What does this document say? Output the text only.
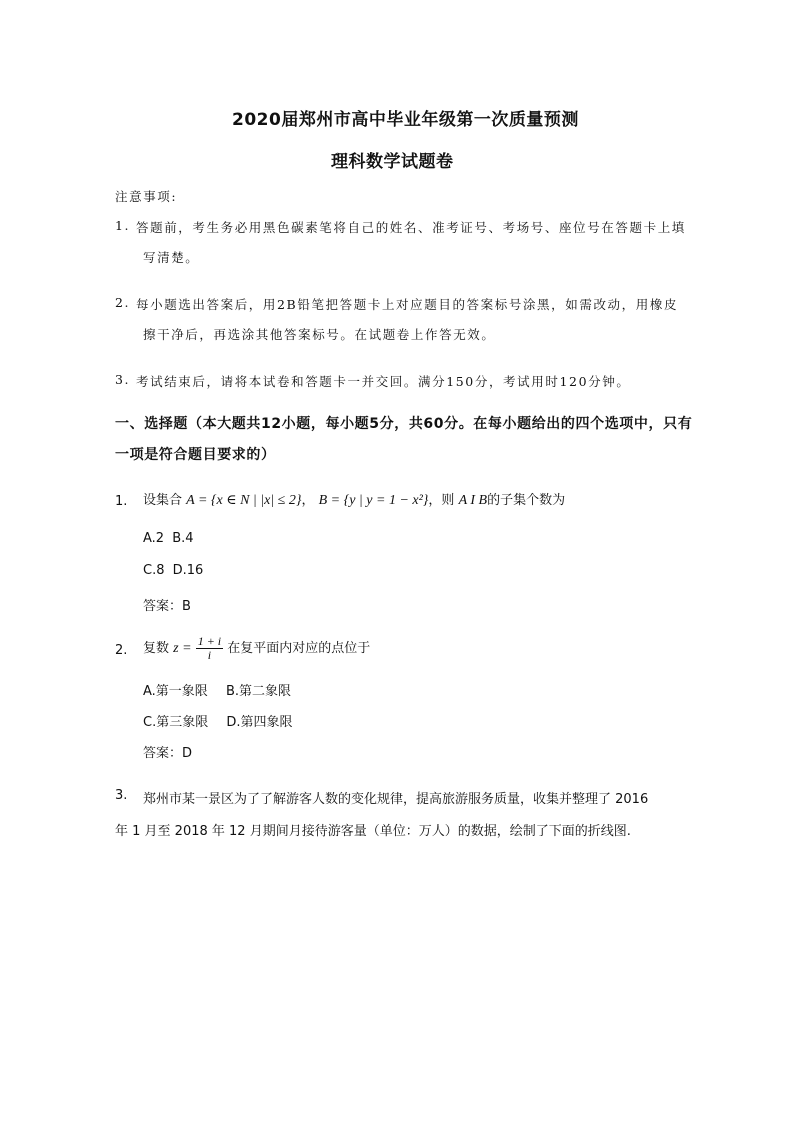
2020届郑州市高中毕业年级第一次质量预测
理科数学试题卷
注意事项:
1. 答题前，考生务必用黑色碳素笔将自己的姓名、准考证号、考场号、座位号在答题卡上填
写清楚。
2. 每小题选出答案后，用2B铅笔把答题卡上对应题目的答案标号涂黑，如需改动，用橡皮
擦干净后，再选涂其他答案标号。在试题卷上作答无效。
3. 考试结束后，请将本试卷和答题卡一并交回。满分150分，考试用时120分钟。
一、选择题（本大题共12小题，每小题5分，共60分。在每小题给出的四个选项中，只有
一项是符合题目要求的）
1. 设集合 A = {x ∈ N | |x| ≤ 2}， B = {y | y = 1 − x²}，则 A I B的子集个数为
A.2 B.4
C.8 D.16
答案：B
2. 复数 $z = \frac{1 + i}{i}$ 在复平面内对应的点位于
A.第一象限 B.第二象限
C.第三象限 D.第四象限
答案：D
3. 郑州市某一景区为了了解游客人数的变化规律，提高旅游服务质量，收集并整理了 2016
年 1 月至 2018 年 12 月期间月接待游客量（单位：万人）的数据，绘制了下面的折线图.
